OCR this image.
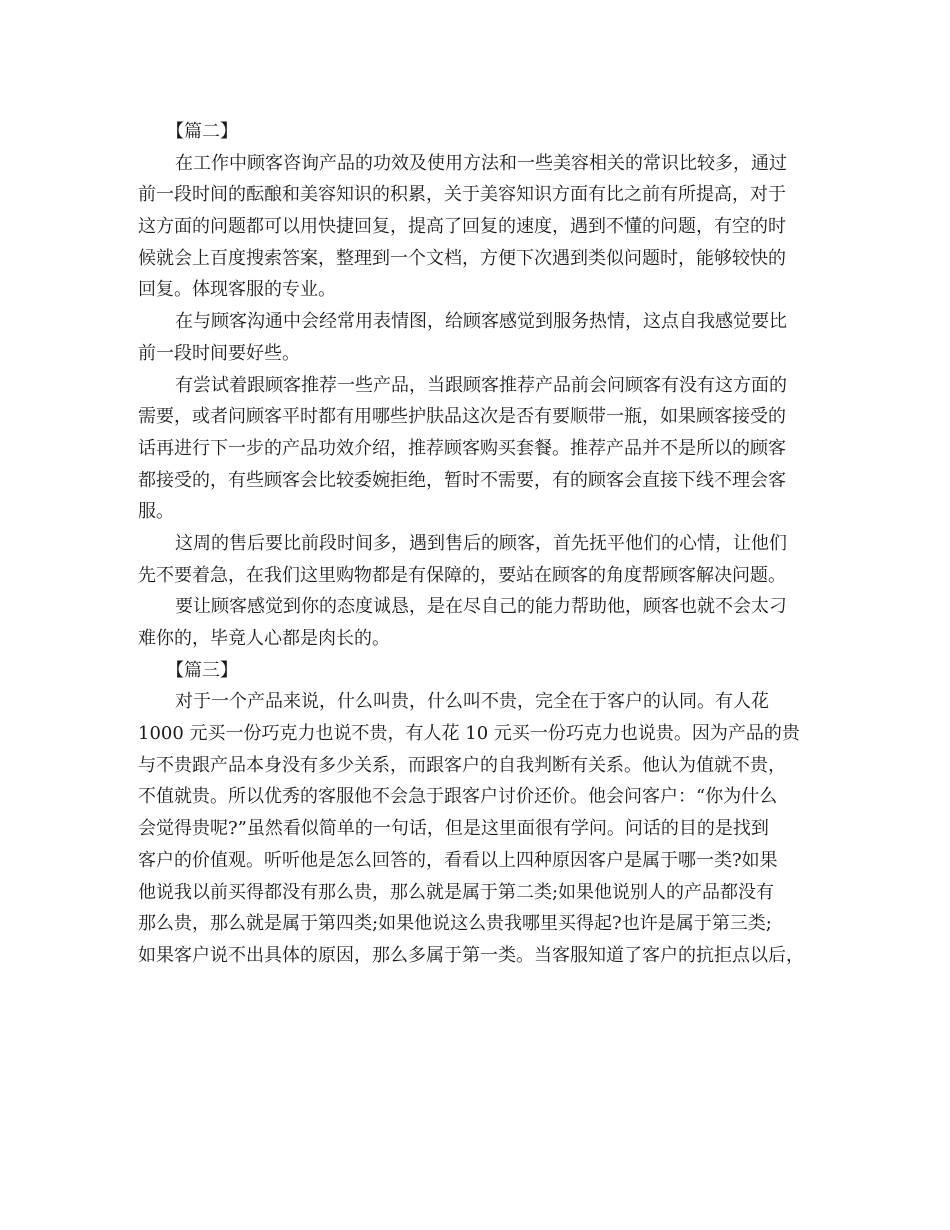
【篇二】
在工作中顾客咨询产品的功效及使用方法和一些美容相关的常识比较多，通过
前一段时间的酝酿和美容知识的积累，关于美容知识方面有比之前有所提高，对于
这方面的问题都可以用快捷回复，提高了回复的速度，遇到不懂的问题，有空的时
候就会上百度搜索答案，整理到一个文档，方便下次遇到类似问题时，能够较快的
回复。体现客服的专业。
在与顾客沟通中会经常用表情图，给顾客感觉到服务热情，这点自我感觉要比
前一段时间要好些。
有尝试着跟顾客推荐一些产品，当跟顾客推荐产品前会问顾客有没有这方面的
需要，或者问顾客平时都有用哪些护肤品这次是否有要顺带一瓶，如果顾客接受的
话再进行下一步的产品功效介绍，推荐顾客购买套餐。推荐产品并不是所以的顾客
都接受的，有些顾客会比较委婉拒绝，暂时不需要，有的顾客会直接下线不理会客
服。
这周的售后要比前段时间多，遇到售后的顾客，首先抚平他们的心情，让他们
先不要着急，在我们这里购物都是有保障的，要站在顾客的角度帮顾客解决问题。
要让顾客感觉到你的态度诚恳，是在尽自己的能力帮助他，顾客也就不会太刁
难你的，毕竟人心都是肉长的。
【篇三】
对于一个产品来说，什么叫贵，什么叫不贵，完全在于客户的认同。有人花
1000 元买一份巧克力也说不贵，有人花 10 元买一份巧克力也说贵。因为产品的贵
与不贵跟产品本身没有多少关系，而跟客户的自我判断有关系。他认为值就不贵，
不值就贵。所以优秀的客服他不会急于跟客户讨价还价。他会问客户：“你为什么
会觉得贵呢?”虽然看似简单的一句话，但是这里面很有学问。问话的目的是找到
客户的价值观。听听他是怎么回答的，看看以上四种原因客户是属于哪一类?如果
他说我以前买得都没有那么贵，那么就是属于第二类;如果他说别人的产品都没有
那么贵，那么就是属于第四类;如果他说这么贵我哪里买得起?也许是属于第三类;
如果客户说不出具体的原因，那么多属于第一类。当客服知道了客户的抗拒点以后，
